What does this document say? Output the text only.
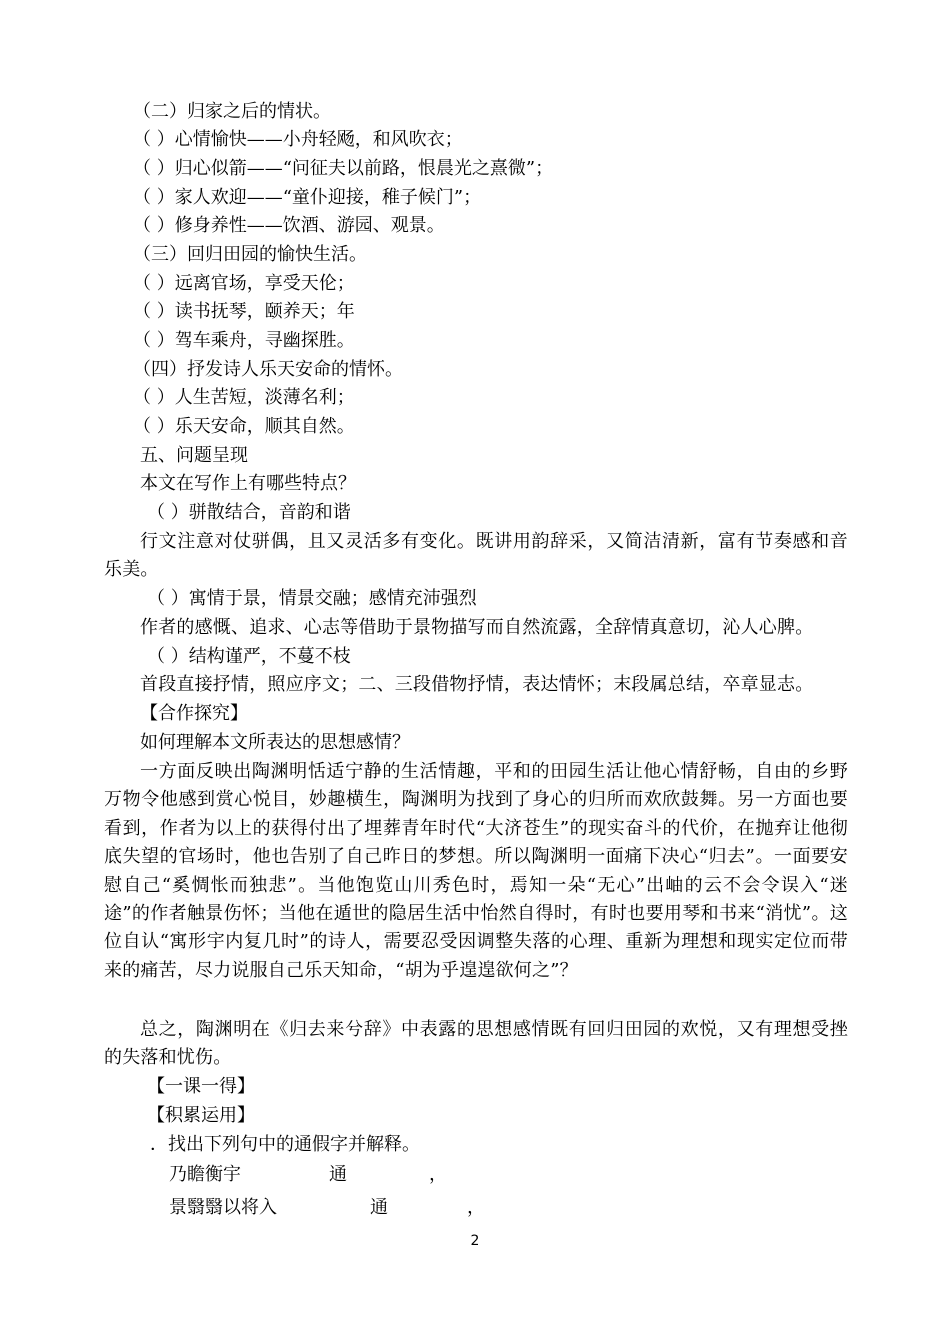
（二）归家之后的情状。
（ ）心情愉快——小舟轻飏，和风吹衣；
（ ）归心似箭——“问征夫以前路，恨晨光之熹微”；
（ ）家人欢迎——“童仆迎接，稚子候门”；
（ ）修身养性——饮酒、游园、观景。
（三）回归田园的愉快生活。
（ ）远离官场，享受天伦；
（ ）读书抚琴，颐养天；年
（ ）驾车乘舟，寻幽探胜。
（四）抒发诗人乐天安命的情怀。
（ ）人生苦短，淡薄名利；
（ ）乐天安命，顺其自然。
五、问题呈现
本文在写作上有哪些特点？
（ ）骈散结合，音韵和谐
行文注意对仗骈偶，且又灵活多有变化。既讲用韵辞采，又简洁清新，富有节奏感和音乐美。
（ ）寓情于景，情景交融；感情充沛强烈
作者的感慨、追求、心志等借助于景物描写而自然流露，全辞情真意切，沁人心脾。
（ ）结构谨严，不蔓不枝
首段直接抒情，照应序文；二、三段借物抒情，表达情怀；末段属总结，卒章显志。
【合作探究】
如何理解本文所表达的思想感情？
一方面反映出陶渊明恬适宁静的生活情趣，平和的田园生活让他心情舒畅，自由的乡野万物令他感到赏心悦目，妙趣横生，陶渊明为找到了身心的归所而欢欣鼓舞。另一方面也要看到，作者为以上的获得付出了埋葬青年时代“大济苍生”的现实奋斗的代价，在抛弃让他彻底失望的官场时，他也告别了自己昨日的梦想。所以陶渊明一面痛下决心“归去”。一面要安慰自己“奚惆怅而独悲”。当他饱览山川秀色时，焉知一朵“无心”出岫的云不会令误入“迷途”的作者触景伤怀；当他在遁世的隐居生活中怡然自得时，有时也要用琴和书来“消忧”。这位自认“寓形宇内复几时”的诗人，需要忍受因调整失落的心理、重新为理想和现实定位而带来的痛苦，尽力说服自己乐天知命，“胡为乎遑遑欲何之”？
总之，陶渊明在《归去来兮辞》中表露的思想感情既有回归田园的欢悦，又有理想受挫的失落和忧伤。
【一课一得】
【积累运用】
．找出下列句中的通假字并解释。
乃瞻衡宇	通	，
景翳翳以将入	通	，
2
